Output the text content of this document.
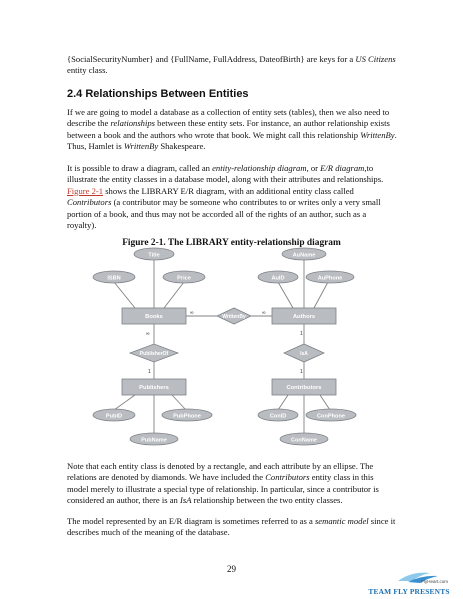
{SocialSecurityNumber} and {FullName, FullAddress, DateofBirth} are keys for a US Citizens entity class.

2.4 Relationships Between Entities

If we are going to model a database as a collection of entity sets (tables), then we also need to describe the relationships between these entity sets. For instance, an author relationship exists between a book and the authors who wrote that book. We might call this relationship WrittenBy. Thus, Hamlet is WrittenBy Shakespeare.

It is possible to draw a diagram, called an entity-relationship diagram, or E/R diagram,to illustrate the entity classes in a database model, along with their attributes and relationships. Figure 2-1 shows the LIBRARY E/R diagram, with an additional entity class called Contributors (a contributor may be someone who contributes to or writes only a very small portion of a book, and thus may not be accorded all of the rights of an author, such as a royalty).

Figure 2-1. The LIBRARY entity-relationship diagram
Title
ISBN	Price
AuName
AuID	AuPhone
Books	Authors
WrittenBy
∞	∞
PublisherOf	IsA
∞
1
1
1
Publishers	Contributors
PubID	PubPhone
PubName
ConID	ConPhone
ConName

Note that each entity class is denoted by a rectangle, and each attribute by an ellipse. The relations are denoted by diamonds. We have included the Contributors entity class in this model merely to illustrate a special type of relationship. In particular, since a contributor is considered an author, there is an IsA relationship between the two entity classes.

The model represented by an E/R diagram is sometimes referred to as a semantic model since it describes much of the meaning of the database.

29
FlyHeart.com
TEAM FLY PRESENTS
